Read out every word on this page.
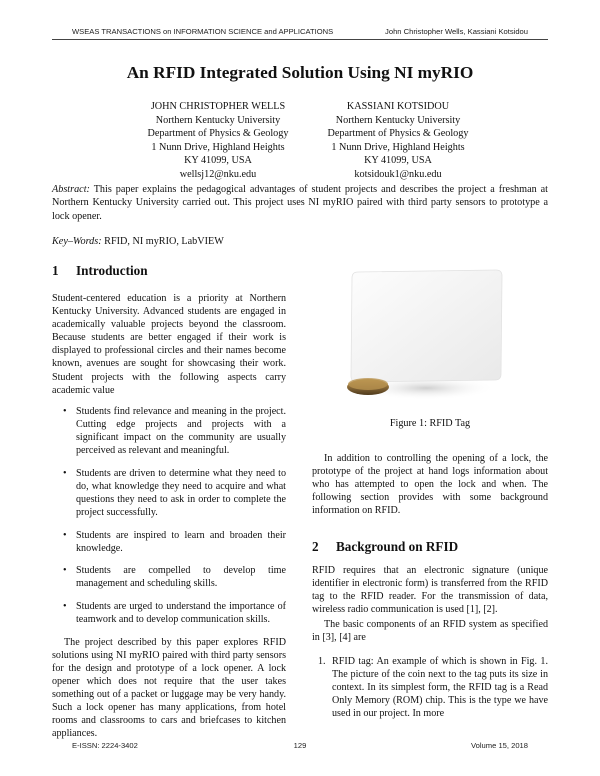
WSEAS TRANSACTIONS on INFORMATION SCIENCE and APPLICATIONS	John Christopher Wells, Kassiani Kotsidou
An RFID Integrated Solution Using NI myRIO
JOHN CHRISTOPHER WELLS
Northern Kentucky University
Department of Physics & Geology
1 Nunn Drive, Highland Heights
KY 41099, USA
wellsj12@nku.edu
KASSIANI KOTSIDOU
Northern Kentucky University
Department of Physics & Geology
1 Nunn Drive, Highland Heights
KY 41099, USA
kotsidouk1@nku.edu
Abstract: This paper explains the pedagogical advantages of student projects and describes the project a freshman at Northern Kentucky University carried out. This project uses NI myRIO paired with third party sensors to prototype a lock opener.
Key–Words: RFID, NI myRIO, LabVIEW
1 Introduction

Student-centered education is a priority at Northern Kentucky University. Advanced students are engaged in academically valuable projects beyond the classroom. Because students are better engaged if their work is displayed to professional circles and their names become known, avenues are sought for showcasing their work. Student projects with the following aspects carry academic value

• Students find relevance and meaning in the project. Cutting edge projects and projects with a significant impact on the community are usually perceived as relevant and meaningful.
• Students are driven to determine what they need to do, what knowledge they need to acquire and what questions they need to ask in order to complete the project successfully.
• Students are inspired to learn and broaden their knowledge.
• Students are compelled to develop time management and scheduling skills.
• Students are urged to understand the importance of teamwork and to develop communication skills.

The project described by this paper explores RFID solutions using NI myRIO paired with third party sensors for the design and prototype of a lock opener. A lock opener which does not require that the user takes something out of a packet or luggage may be very handy. Such a lock opener has many applications, from hotel rooms and classrooms to cars and briefcases to kitchen appliances.

Figure 1: RFID Tag

In addition to controlling the opening of a lock, the prototype of the project at hand logs information about who has attempted to open the lock and when. The following section provides with some background information on RFID.

2 Background on RFID

RFID requires that an electronic signature (unique identifier in electronic form) is transferred from the RFID tag to the RFID reader. For the transmission of data, wireless radio communication is used [1], [2].

The basic components of an RFID system as specified in [3], [4] are

1. RFID tag: An example of which is shown in Fig. 1. The picture of the coin next to the tag puts its size in context. In its simplest form, the RFID tag is a Read Only Memory (ROM) chip. This is the type we have used in our project. In more
E-ISSN: 2224-3402	129	Volume 15, 2018
